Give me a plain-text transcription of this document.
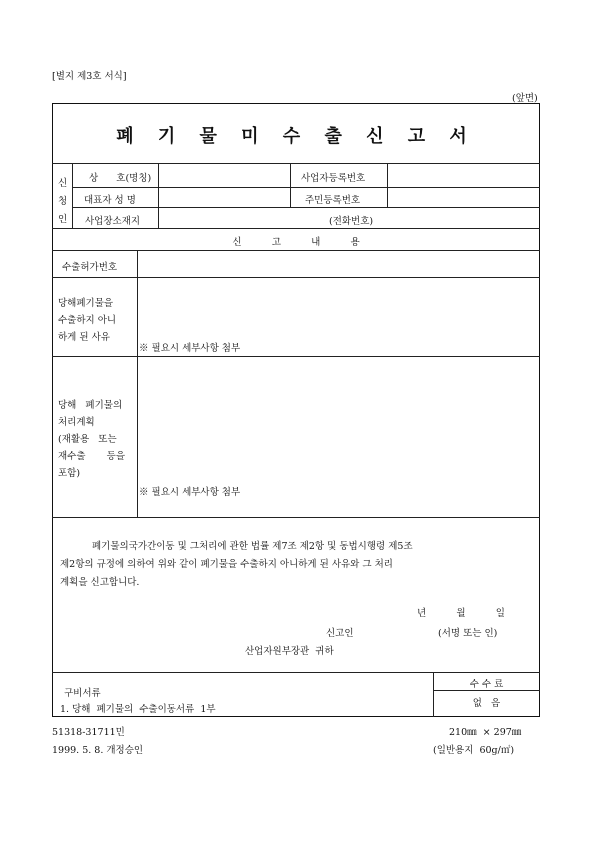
[별지 제3호 서식]
(앞면)
폐 기 물 미 수 출 신 고 서
신
청
인
상      호(명칭)	사업자등록번호
대표자 성 명	주민등록번호
사업장소재지	(전화번호)
신          고          내          용
수출허가번호
당해폐기물을
수출하지 아니
하게 된 사유
※ 필요시 세부사항 첨부
당해   폐기물의
처리계획
(재활용   또는
재수출       등을
포함)
※ 필요시 세부사항 첨부
폐기물의국가간이동 및 그처리에 관한 법률 제7조 제2항 및 동법시행령 제5조
제2항의 규정에 의하여 위와 같이 폐기물을 수출하지 아니하게 된 사유와 그 처리
계획을 신고합니다.
년          월          일
신고인	(서명 또는 인)
산업자원부장관  귀하
구비서류
1. 당해  폐기물의  수출이동서류  1부
수 수 료
없   음
51318-31711민
1999. 5. 8. 개정승인
210㎜  × 297㎜
(일반용지  60g/㎡)
